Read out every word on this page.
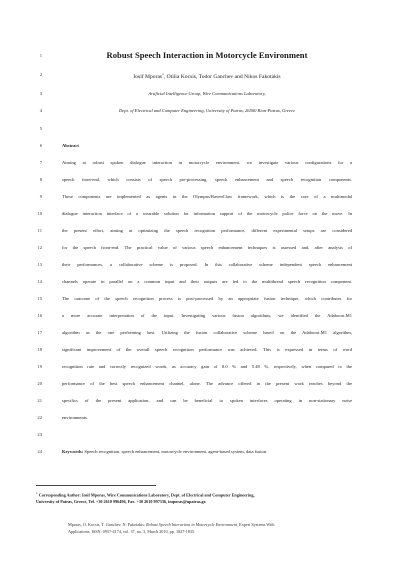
1	Robust Speech Interaction in Motorcycle Environment
2	Iosif Mporas$^1$, Otilia Kocsis, Todor Ganchev and Nikos Fakotakis
3	Artificial Intelligence Group, Wire Communications Laboratory,
4	Dept. of Electrical and Computer Engineering, University of Patras, 26500 Rion-Patras, Greece
5
6	Abstract
7	Aiming at robust spoken dialogue interaction in motorcycle environment, we investigate various configurations for a
8	speech front-end, which consists of speech pre-processing, speech enhancement and speech recognition components.
9	These components are implemented as agents in the Olympus/RavenClaw framework, which is the core of a multimodal
10	dialogue interaction interface of a wearable solution for information support of the motorcycle police force on the move. In
11	the present effort, aiming at optimizing the speech recognition performance, different experimental setups are considered
12	for the speech front-end. The practical value of various speech enhancement techniques is assessed and, after analysis of
13	their performances, a collaborative scheme is proposed. In this collaborative scheme independent speech enhancement
14	channels operate in parallel on a common input and their outputs are fed to the multithread speech recognition component.
15	The outcome of the speech recognition process is post-processed by an appropriate fusion technique, which contributes for
16	a more accurate interpretation of the input. Investigating various fusion algorithms, we identified the Adaboost.M1
17	algorithm as the one performing best. Utilizing the fusion collaborative scheme based on the Adaboost.M1 algorithm,
18	significant improvement of the overall speech recognition performance was achieved. This is expressed in terms of word
19	recognition rate and correctly recognized words, as accuracy gain of 8.0 % and 5.48 %, respectively, when compared to the
20	performance of the best speech enhancement channel, alone. The advance offered in the present work reaches beyond the
21	specifics of the present application, and can be beneficial to spoken interfaces operating in non-stationary noise
22	environments.
23
24	Keywords: Speech recognition, speech enhancement, motorcycle environment, agent-based system, data fusion.
$^1$ Corresponding Author: Iosif Mporas, Wire Communications Laboratory, Dept. of Electrical and Computer Engineering,
University of Patras, Greece, Tel. +30 2610 996496, Fax. +30 2610 997336, imporas@upatras.gr.
Mporas, O. Kocsis, T. Ganchev, N. Fakotakis: Robust Speech Interaction in Motorcycle Environment, Expert Systems With
Applications, ISSN: 0957-4174, vol. 37, no. 3, March 2010, pp. 1827-1835.
